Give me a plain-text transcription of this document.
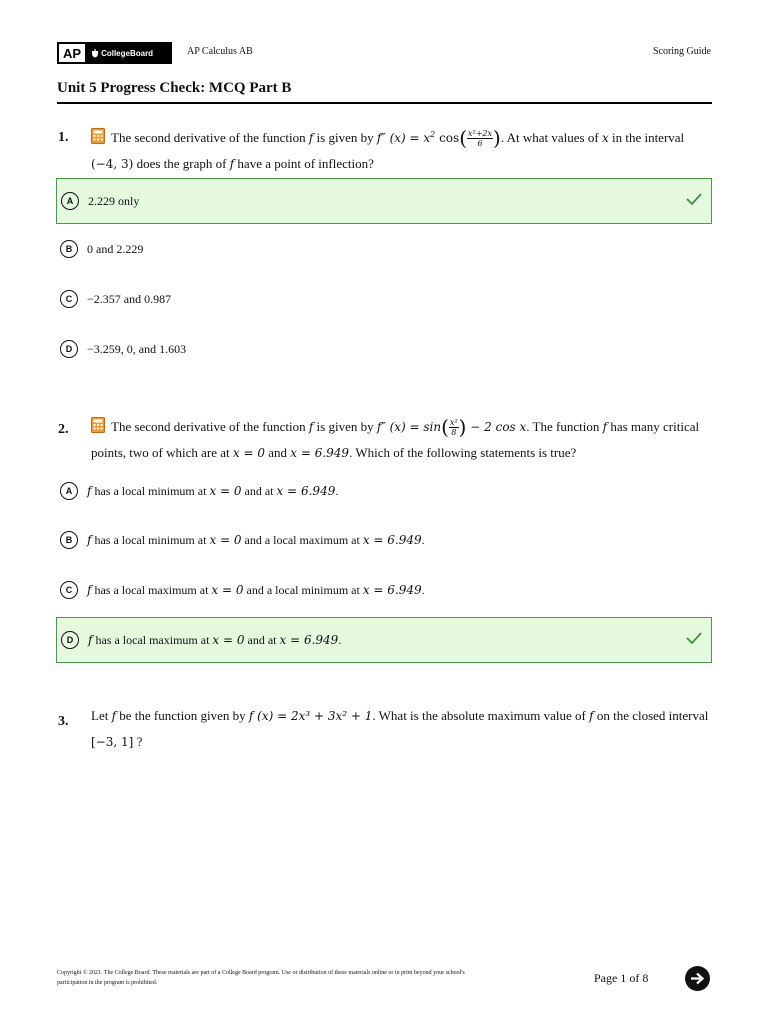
AP	CollegeBoard	AP Calculus AB	Scoring Guide
Unit 5 Progress Check: MCQ Part B
1.	The second derivative of the function f is given by f″ $(x) = x^2$ $\cos( \frac{\text{x²+2x}}{6}$ ). At what values of x in the interval (−4, 3) does the graph of f have a point of inflection?
A	2.229 only
B	0 and 2.229
C	−2.357 and 0.987
D	−3.259, 0, and 1.603
2.	The second derivative of the function f is given by f″ $(x) = \sin( \frac{\text{x²}}{8}$ ) − 2 cos x. The function f has many critical points, two of which are at x = 0 and x = 6.949. Which of the following statements is true?
A	f has a local minimum at x = 0 and at x = 6.949.
B	f has a local minimum at x = 0 and a local maximum at x = 6.949.
C	f has a local maximum at x = 0 and a local minimum at x = 6.949.
D	f has a local maximum at x = 0 and at x = 6.949.
3. Let f be the function given by f (x) = 2x³ + 3x² + 1. What is the absolute maximum value of f on the closed interval [−3, 1] ?
Copyright © 2021. The College Board. These materials are part of a College Board program. Use or distribution of these materials online or in print beyond your school's participation in the program is prohibited.	Page 1 of 8
